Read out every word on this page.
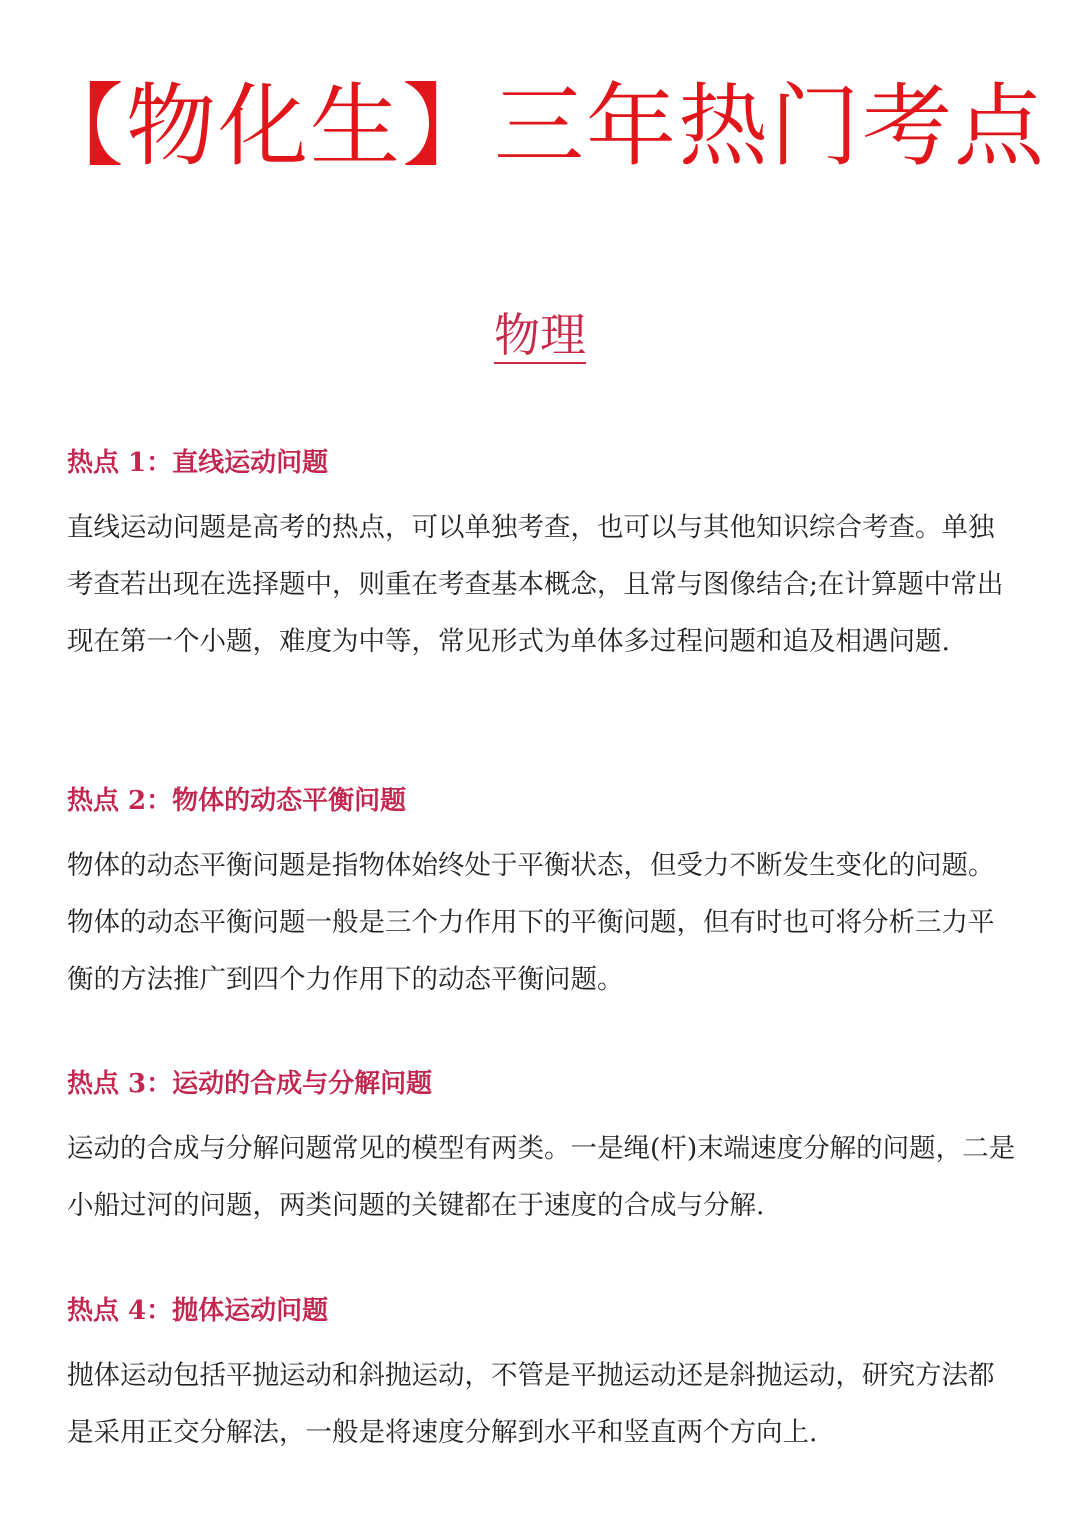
【物化生】三年热门考点
物理
热点 1：直线运动问题
直线运动问题是高考的热点，可以单独考查，也可以与其他知识综合考查。单独考查若出现在选择题中，则重在考查基本概念，且常与图像结合;在计算题中常出现在第一个小题，难度为中等，常见形式为单体多过程问题和追及相遇问题.
热点 2：物体的动态平衡问题
物体的动态平衡问题是指物体始终处于平衡状态，但受力不断发生变化的问题。物体的动态平衡问题一般是三个力作用下的平衡问题，但有时也可将分析三力平衡的方法推广到四个力作用下的动态平衡问题。
热点 3：运动的合成与分解问题
运动的合成与分解问题常见的模型有两类。一是绳(杆)末端速度分解的问题，二是小船过河的问题，两类问题的关键都在于速度的合成与分解.
热点 4：抛体运动问题
抛体运动包括平抛运动和斜抛运动，不管是平抛运动还是斜抛运动，研究方法都是采用正交分解法，一般是将速度分解到水平和竖直两个方向上.
